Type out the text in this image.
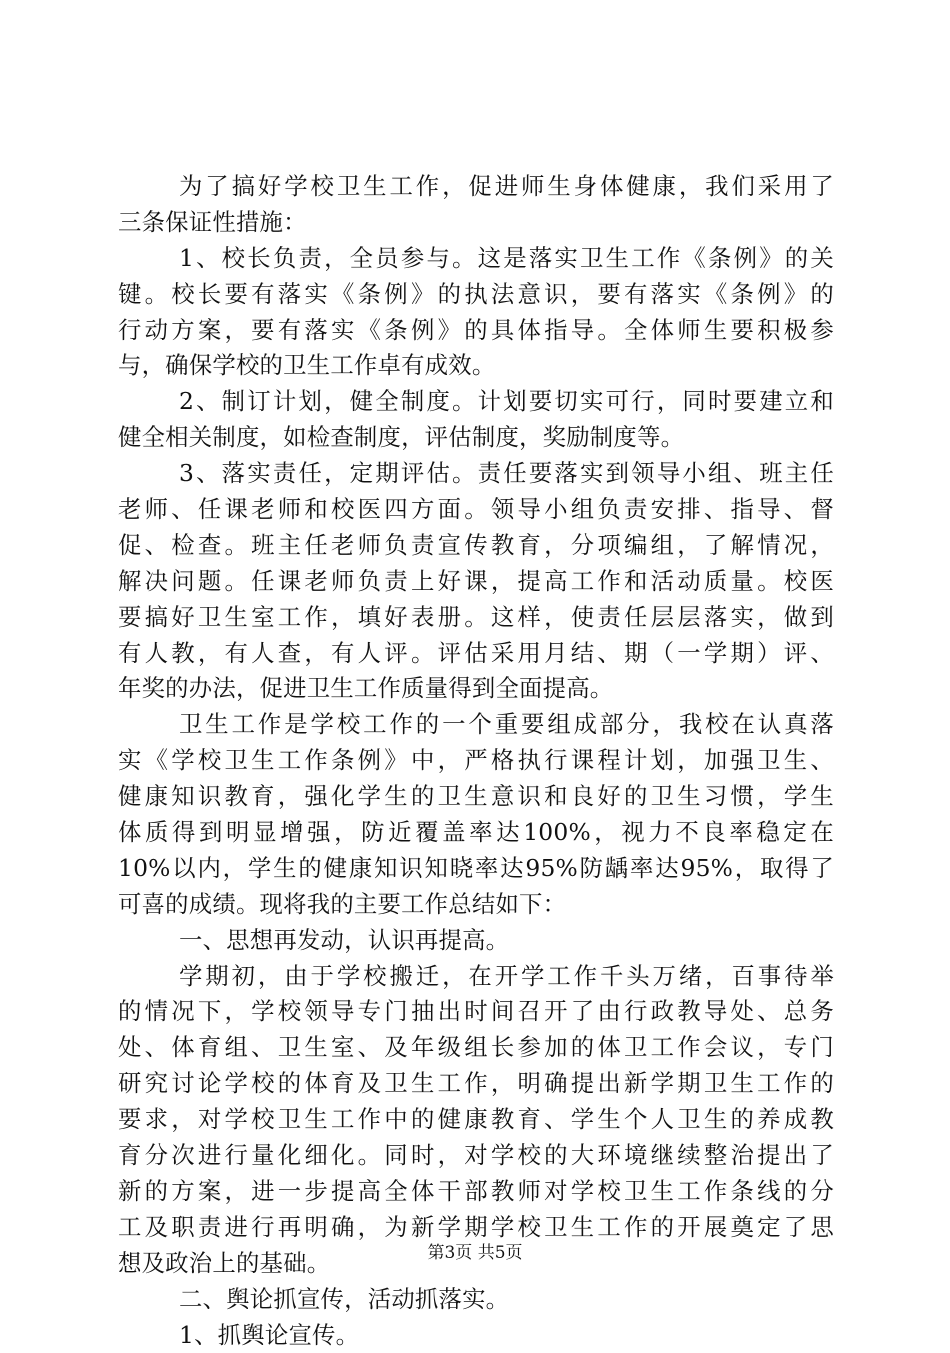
为了搞好学校卫生工作，促进师生身体健康，我们采用了
三条保证性措施：
1、校长负责，全员参与。这是落实卫生工作《条例》的关
键。校长要有落实《条例》的执法意识，要有落实《条例》的
行动方案，要有落实《条例》的具体指导。全体师生要积极参
与，确保学校的卫生工作卓有成效。
2、制订计划，健全制度。计划要切实可行，同时要建立和
健全相关制度，如检查制度，评估制度，奖励制度等。
3、落实责任，定期评估。责任要落实到领导小组、班主任
老师、任课老师和校医四方面。领导小组负责安排、指导、督
促、检查。班主任老师负责宣传教育，分项编组，了解情况，
解决问题。任课老师负责上好课，提高工作和活动质量。校医
要搞好卫生室工作，填好表册。这样，使责任层层落实，做到
有人教，有人查，有人评。评估采用月结、期（一学期）评、
年奖的办法，促进卫生工作质量得到全面提高。
卫生工作是学校工作的一个重要组成部分，我校在认真落
实《学校卫生工作条例》中，严格执行课程计划，加强卫生、
健康知识教育，强化学生的卫生意识和良好的卫生习惯，学生
体质得到明显增强，防近覆盖率达100%，视力不良率稳定在
10%以内，学生的健康知识知晓率达95%防龋率达95%，取得了
可喜的成绩。现将我的主要工作总结如下：
一、思想再发动，认识再提高。
学期初，由于学校搬迁，在开学工作千头万绪，百事待举
的情况下，学校领导专门抽出时间召开了由行政教导处、总务
处、体育组、卫生室、及年级组长参加的体卫工作会议，专门
研究讨论学校的体育及卫生工作，明确提出新学期卫生工作的
要求，对学校卫生工作中的健康教育、学生个人卫生的养成教
育分次进行量化细化。同时，对学校的大环境继续整治提出了
新的方案，进一步提高全体干部教师对学校卫生工作条线的分
工及职责进行再明确，为新学期学校卫生工作的开展奠定了思
想及政治上的基础。
二、舆论抓宣传，活动抓落实。
1、抓舆论宣传。
第3页 共5页
